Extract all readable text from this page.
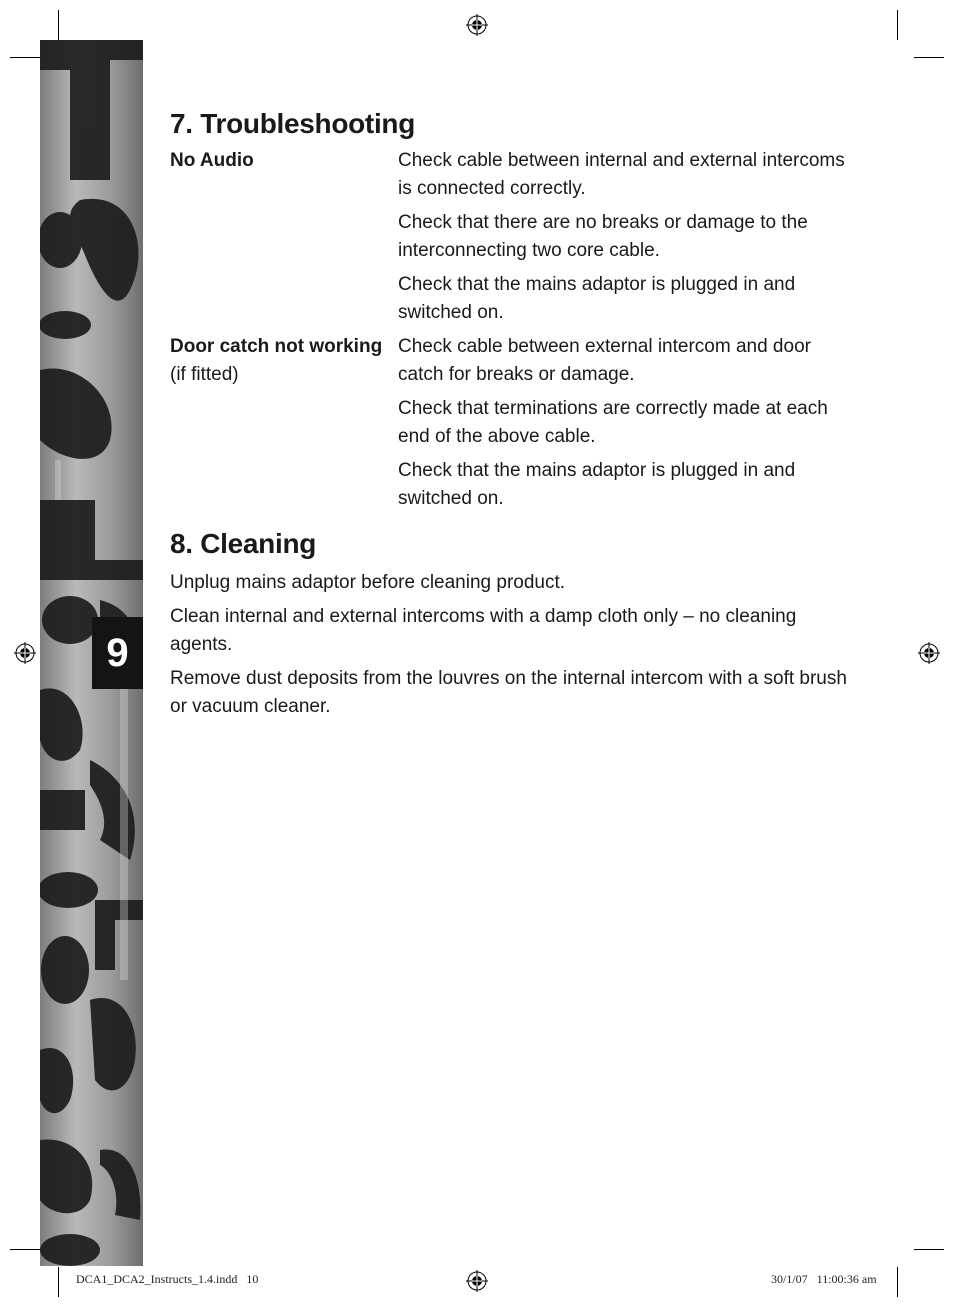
9
7. Troubleshooting
No Audio	Check cable between internal and external intercoms is connected correctly.

Check that there are no breaks or damage to the interconnecting two core cable.

Check that the mains adaptor is plugged in and switched on.

Door catch not working
(if fitted)

Check cable between external intercom and door catch for breaks or damage.

Check that terminations are correctly made at each end of the above cable.

Check that the mains adaptor is plugged in and switched on.

8. Cleaning

Unplug mains adaptor before cleaning product.

Clean internal and external intercoms with a damp cloth only – no cleaning agents.

Remove dust deposits from the louvres on the internal intercom with a soft brush or vacuum cleaner.

DCA1_DCA2_Instructs_1.4.indd   10	30/1/07   11:00:36 am
